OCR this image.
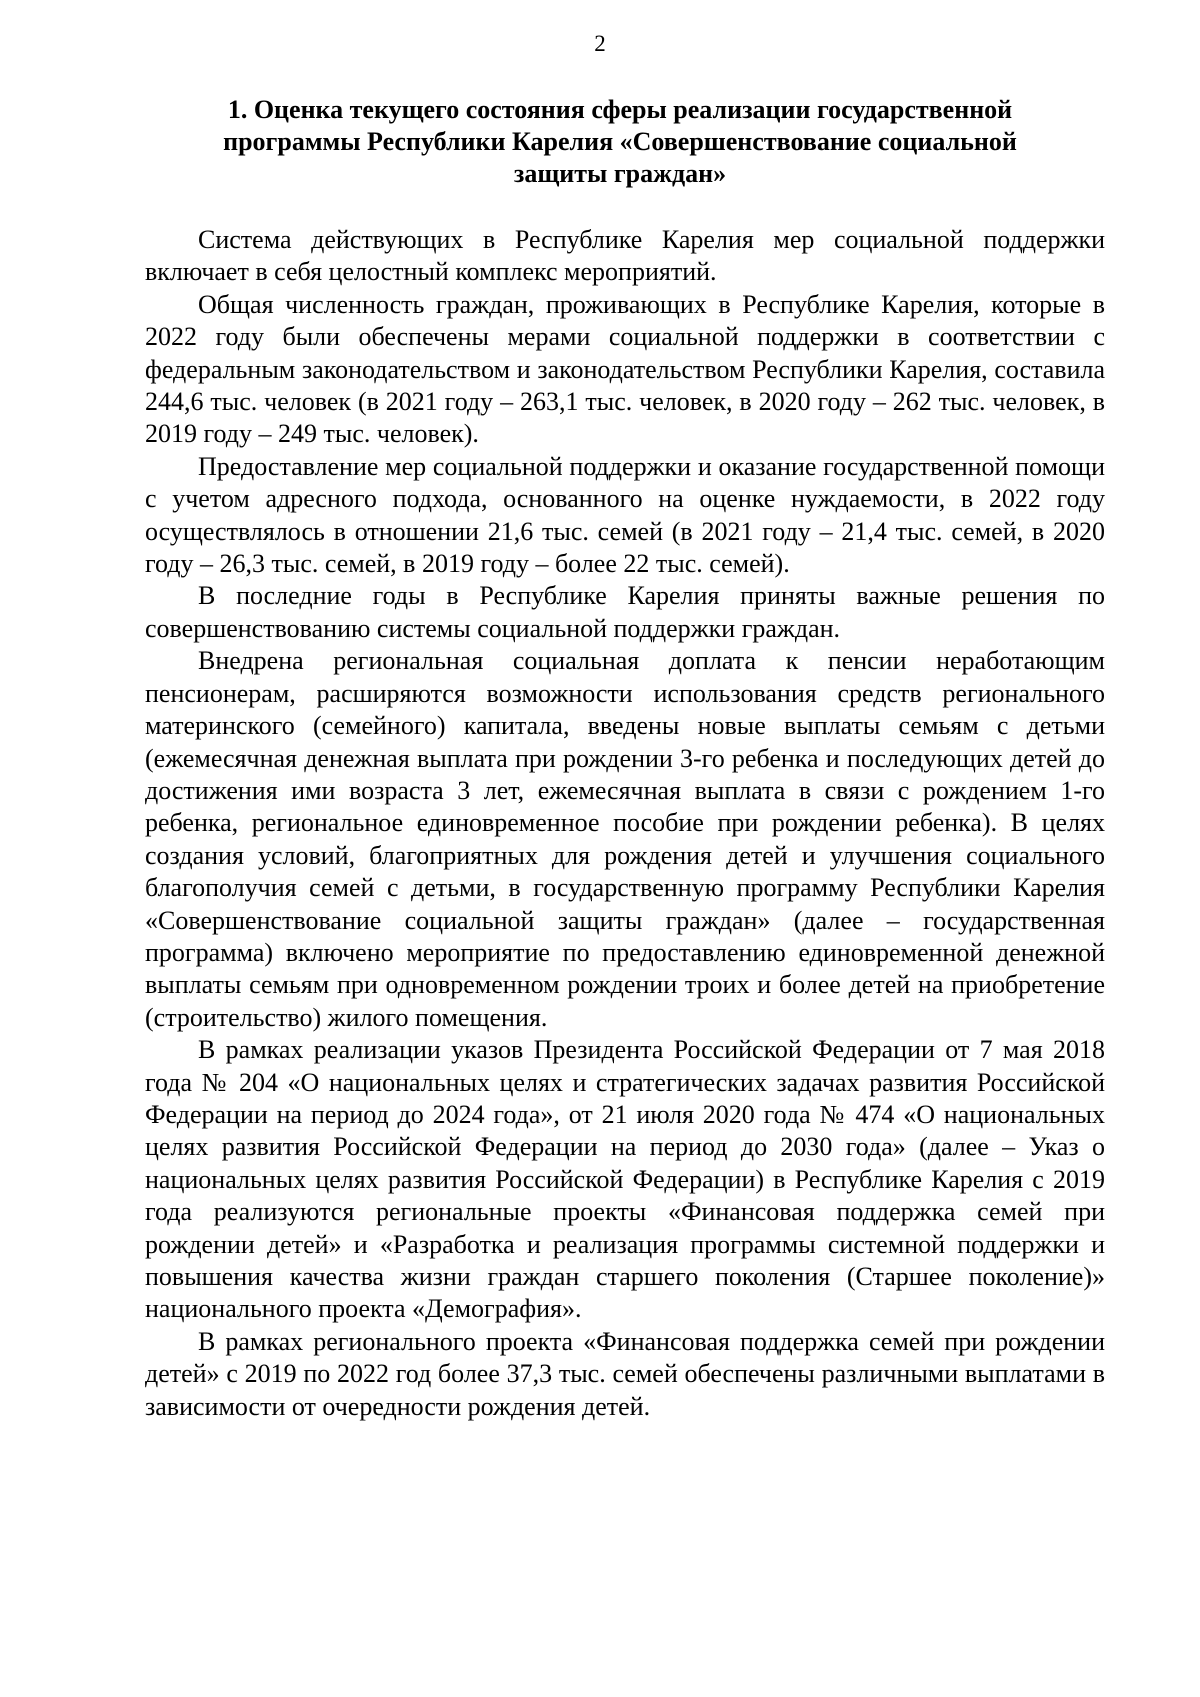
2
1. Оценка текущего состояния сферы реализации государственной программы Республики Карелия «Совершенствование социальной защиты граждан»

Система действующих в Республике Карелия мер социальной поддержки включает в себя целостный комплекс мероприятий.

Общая численность граждан, проживающих в Республике Карелия, которые в 2022 году были обеспечены мерами социальной поддержки в соответствии с федеральным законодательством и законодательством Республики Карелия, составила 244,6 тыс. человек (в 2021 году – 263,1 тыс. человек, в 2020 году – 262 тыс. человек, в 2019 году – 249 тыс. человек).

Предоставление мер социальной поддержки и оказание государственной помощи с учетом адресного подхода, основанного на оценке нуждаемости, в 2022 году осуществлялось в отношении 21,6 тыс. семей (в 2021 году – 21,4 тыс. семей, в 2020 году – 26,3 тыс. семей, в 2019 году – более 22 тыс. семей).

В последние годы в Республике Карелия приняты важные решения по совершенствованию системы социальной поддержки граждан.

Внедрена региональная социальная доплата к пенсии неработающим пенсионерам, расширяются возможности использования средств регионального материнского (семейного) капитала, введены новые выплаты семьям с детьми (ежемесячная денежная выплата при рождении 3-го ребенка и последующих детей до достижения ими возраста 3 лет, ежемесячная выплата в связи с рождением 1-го ребенка, региональное единовременное пособие при рождении ребенка). В целях создания условий, благоприятных для рождения детей и улучшения социального благополучия семей с детьми, в государственную программу Республики Карелия «Совершенствование социальной защиты граждан» (далее – государственная программа) включено мероприятие по предоставлению единовременной денежной выплаты семьям при одновременном рождении троих и более детей на приобретение (строительство) жилого помещения.

В рамках реализации указов Президента Российской Федерации от 7 мая 2018 года № 204 «О национальных целях и стратегических задачах развития Российской Федерации на период до 2024 года», от 21 июля 2020 года № 474 «О национальных целях развития Российской Федерации на период до 2030 года» (далее – Указ о национальных целях развития Российской Федерации) в Республике Карелия с 2019 года реализуются региональные проекты «Финансовая поддержка семей при рождении детей» и «Разработка и реализация программы системной поддержки и повышения качества жизни граждан старшего поколения (Старшее поколение)» национального проекта «Демография».

В рамках регионального проекта «Финансовая поддержка семей при рождении детей» с 2019 по 2022 год более 37,3 тыс. семей обеспечены различными выплатами в зависимости от очередности рождения детей.
